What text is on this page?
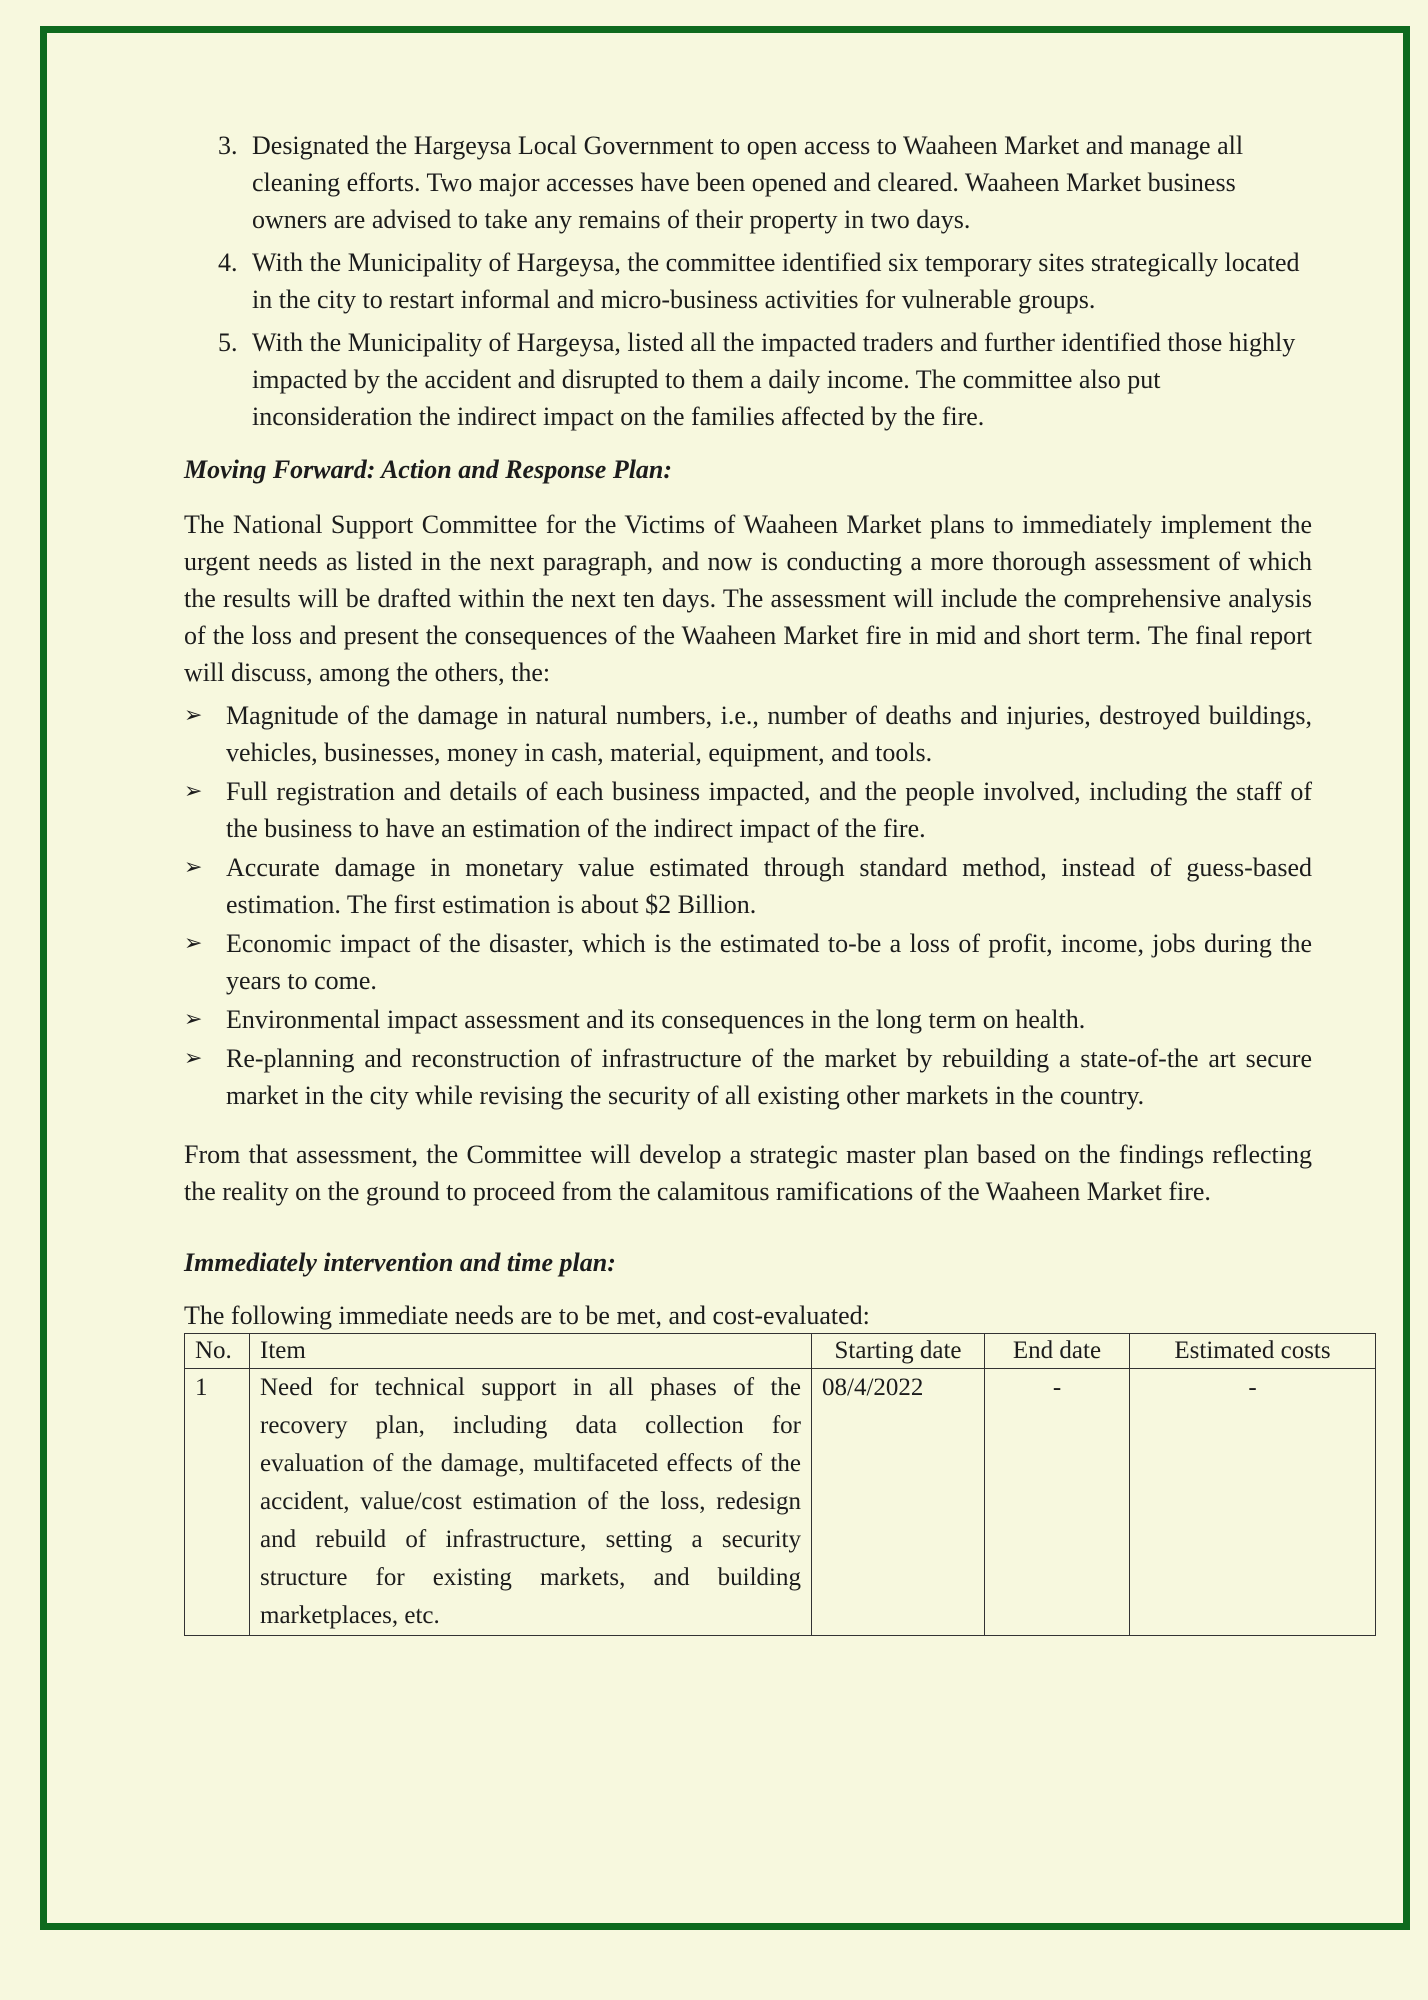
3. Designated the Hargeysa Local Government to open access to Waaheen Market and manage all cleaning efforts. Two major accesses have been opened and cleared. Waaheen Market business owners are advised to take any remains of their property in two days.
4. With the Municipality of Hargeysa, the committee identified six temporary sites strategically located in the city to restart informal and micro-business activities for vulnerable groups.
5. With the Municipality of Hargeysa, listed all the impacted traders and further identified those highly impacted by the accident and disrupted to them a daily income. The committee also put inconsideration the indirect impact on the families affected by the fire.

Moving Forward: Action and Response Plan:

The National Support Committee for the Victims of Waaheen Market plans to immediately implement the urgent needs as listed in the next paragraph, and now is conducting a more thorough assessment of which the results will be drafted within the next ten days. The assessment will include the comprehensive analysis of the loss and present the consequences of the Waaheen Market fire in mid and short term. The final report will discuss, among the others, the:

➢ Magnitude of the damage in natural numbers, i.e., number of deaths and injuries, destroyed buildings, vehicles, businesses, money in cash, material, equipment, and tools.
➢ Full registration and details of each business impacted, and the people involved, including the staff of the business to have an estimation of the indirect impact of the fire.
➢ Accurate damage in monetary value estimated through standard method, instead of guess-based estimation. The first estimation is about $2 Billion.
➢ Economic impact of the disaster, which is the estimated to-be a loss of profit, income, jobs during the years to come.
➢ Environmental impact assessment and its consequences in the long term on health.
➢ Re-planning and reconstruction of infrastructure of the market by rebuilding a state-of-the art secure market in the city while revising the security of all existing other markets in the country.

From that assessment, the Committee will develop a strategic master plan based on the findings reflecting the reality on the ground to proceed from the calamitous ramifications of the Waaheen Market fire.

Immediately intervention and time plan:

The following immediate needs are to be met, and cost-evaluated:

No.	Item	Starting date	End date	Estimated costs
1	Need for technical support in all phases of the recovery plan, including data collection for evaluation of the damage, multifaceted effects of the accident, value/cost estimation of the loss, redesign and rebuild of infrastructure, setting a security structure for existing markets, and building marketplaces, etc.	08/4/2022	-	-
